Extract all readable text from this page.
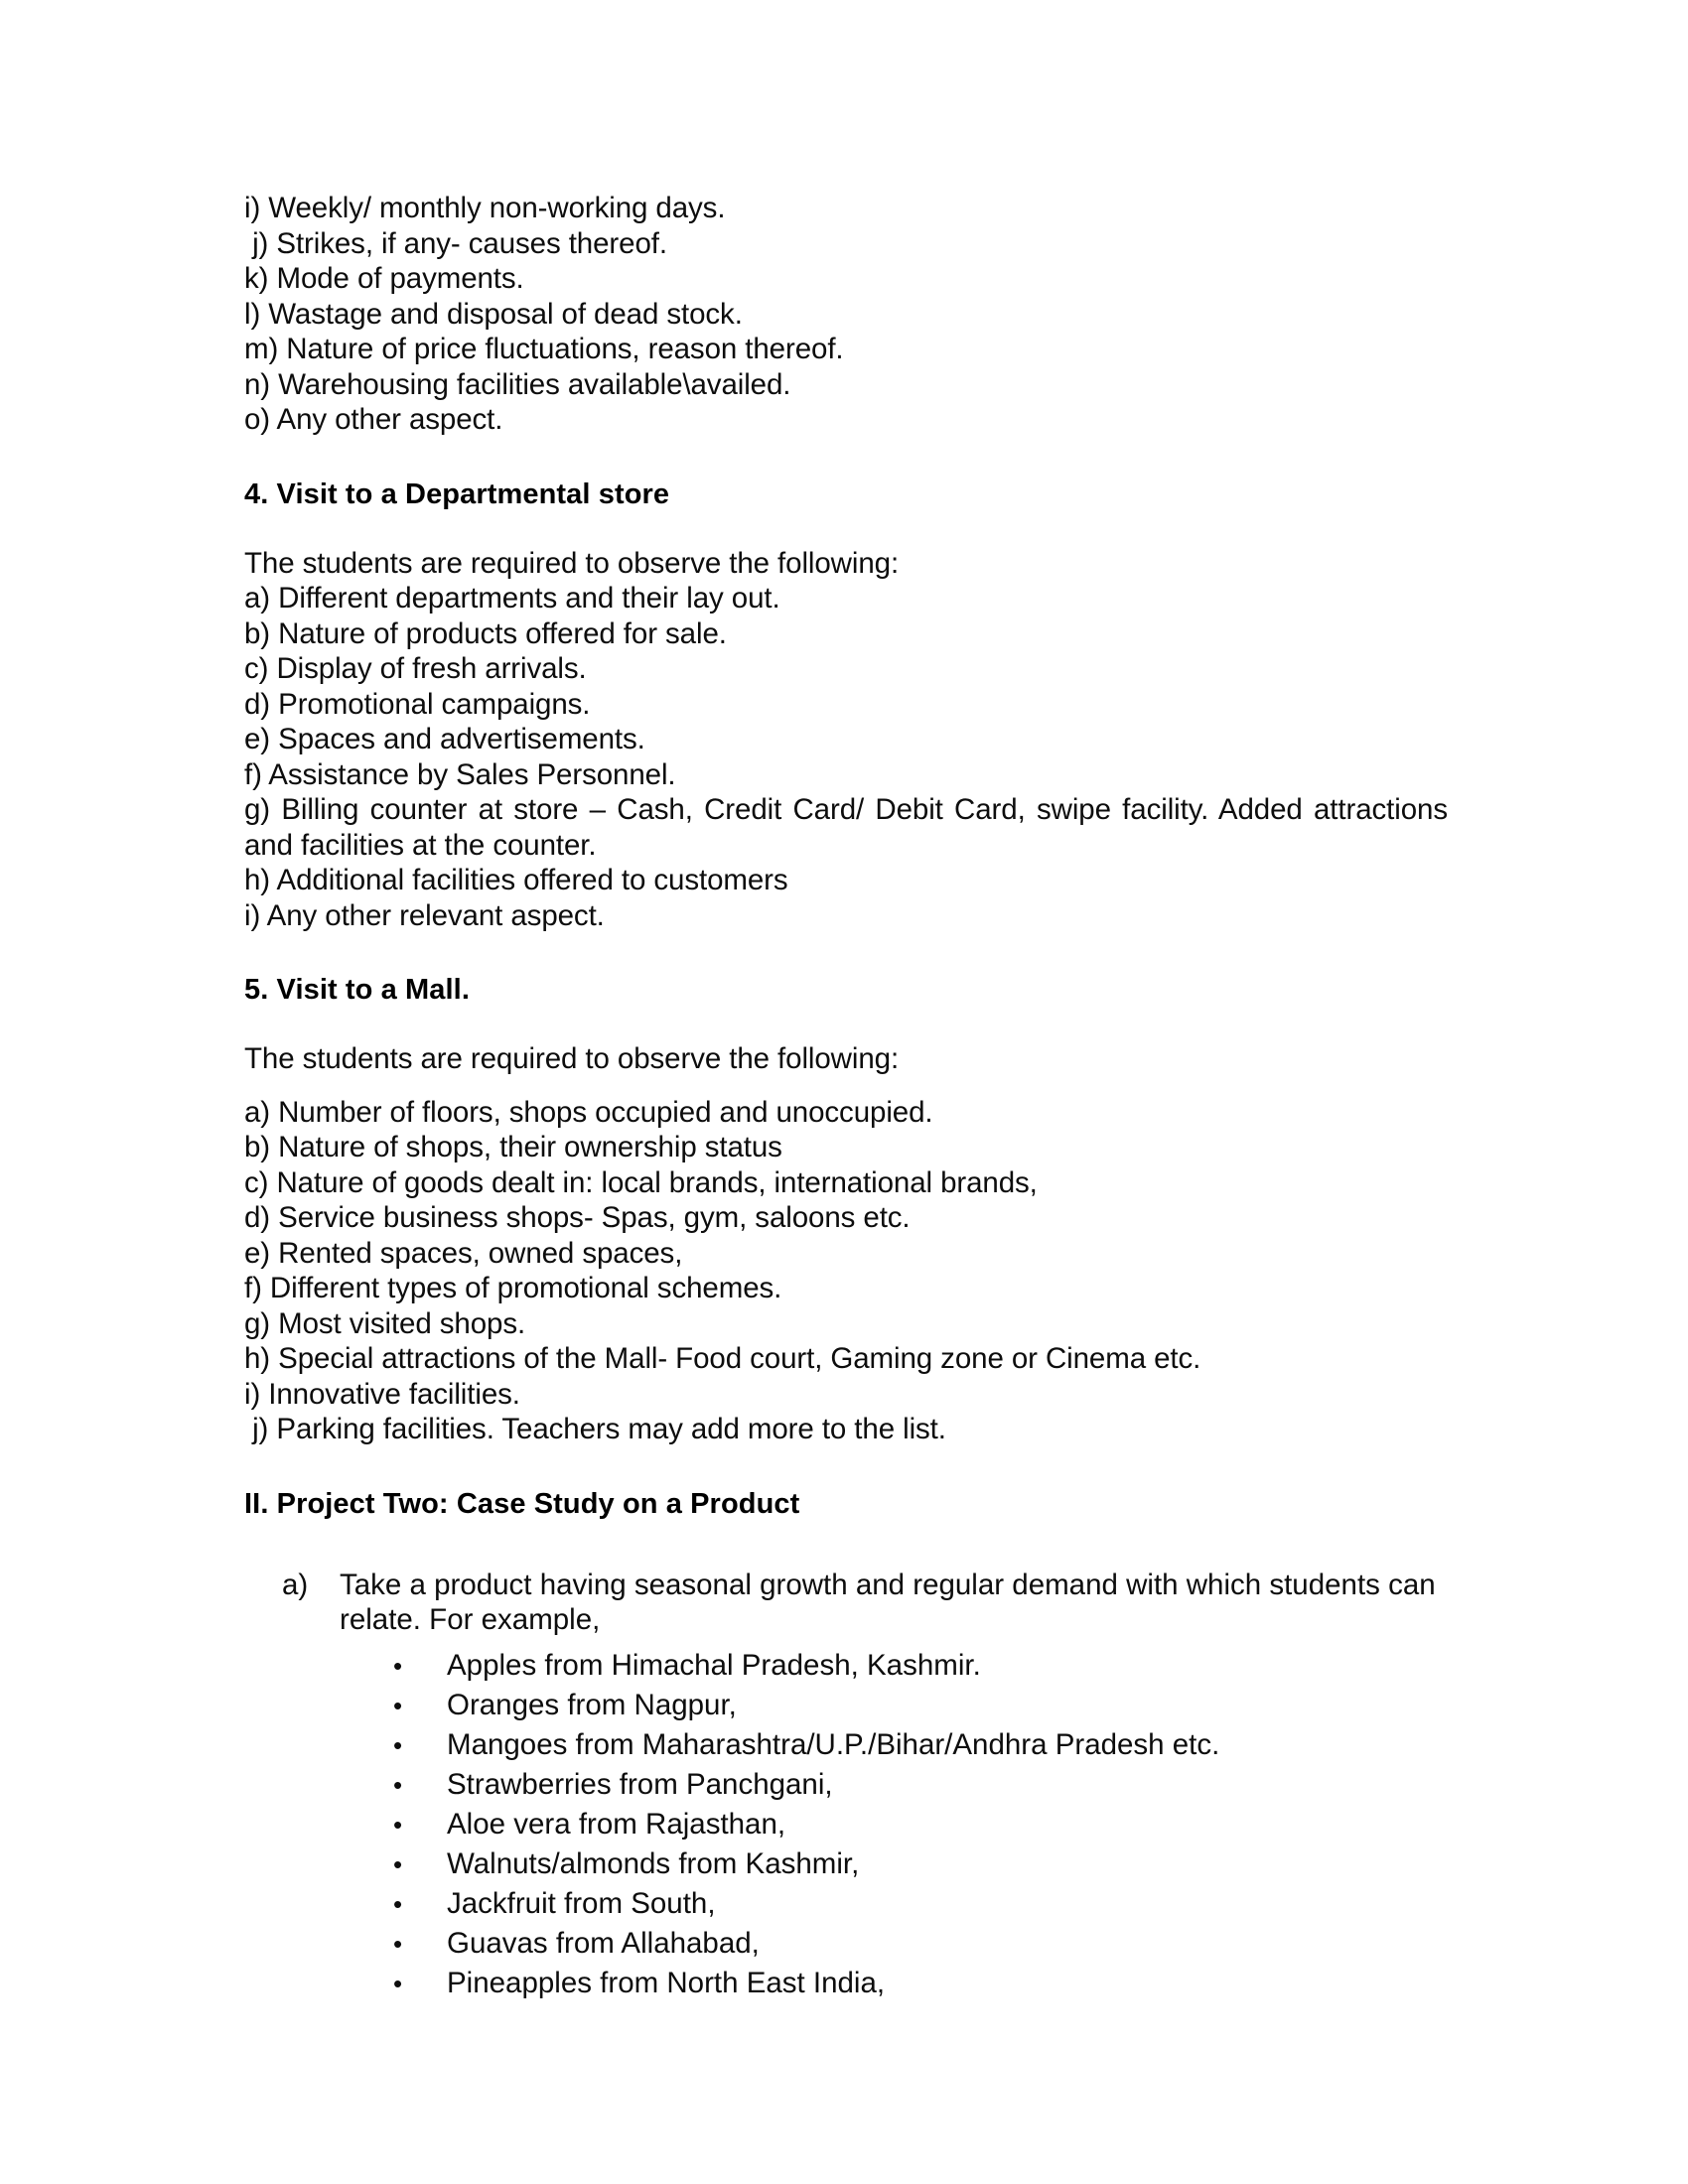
i) Weekly/ monthly non-working days.
j) Strikes, if any- causes thereof.
k) Mode of payments.
l) Wastage and disposal of dead stock.
m) Nature of price fluctuations, reason thereof.
n) Warehousing facilities available\availed.
o) Any other aspect.
4. Visit to a Departmental store
The students are required to observe the following:
a) Different departments and their lay out.
b) Nature of products offered for sale.
c) Display of fresh arrivals.
d) Promotional campaigns.
e) Spaces and advertisements.
f) Assistance by Sales Personnel.
g) Billing counter at store – Cash, Credit Card/ Debit Card, swipe facility. Added attractions and facilities at the counter.
h) Additional facilities offered to customers
i) Any other relevant aspect.
5. Visit to a Mall.
The students are required to observe the following:
a) Number of floors, shops occupied and unoccupied.
b) Nature of shops, their ownership status
c) Nature of goods dealt in: local brands, international brands,
d) Service business shops- Spas, gym, saloons etc.
e) Rented spaces, owned spaces,
f) Different types of promotional schemes.
g) Most visited shops.
h) Special attractions of the Mall- Food court, Gaming zone or Cinema etc.
i) Innovative facilities.
j) Parking facilities. Teachers may add more to the list.
II. Project Two: Case Study on a Product
a)	Take a product having seasonal growth and regular demand with which students can relate. For example,
•	Apples from Himachal Pradesh, Kashmir.
•	Oranges from Nagpur,
•	Mangoes from Maharashtra/U.P./Bihar/Andhra Pradesh etc.
•	Strawberries from Panchgani,
•	Aloe vera from Rajasthan,
•	Walnuts/almonds from Kashmir,
•	Jackfruit from South,
•	Guavas from Allahabad,
•	Pineapples from North East India,
